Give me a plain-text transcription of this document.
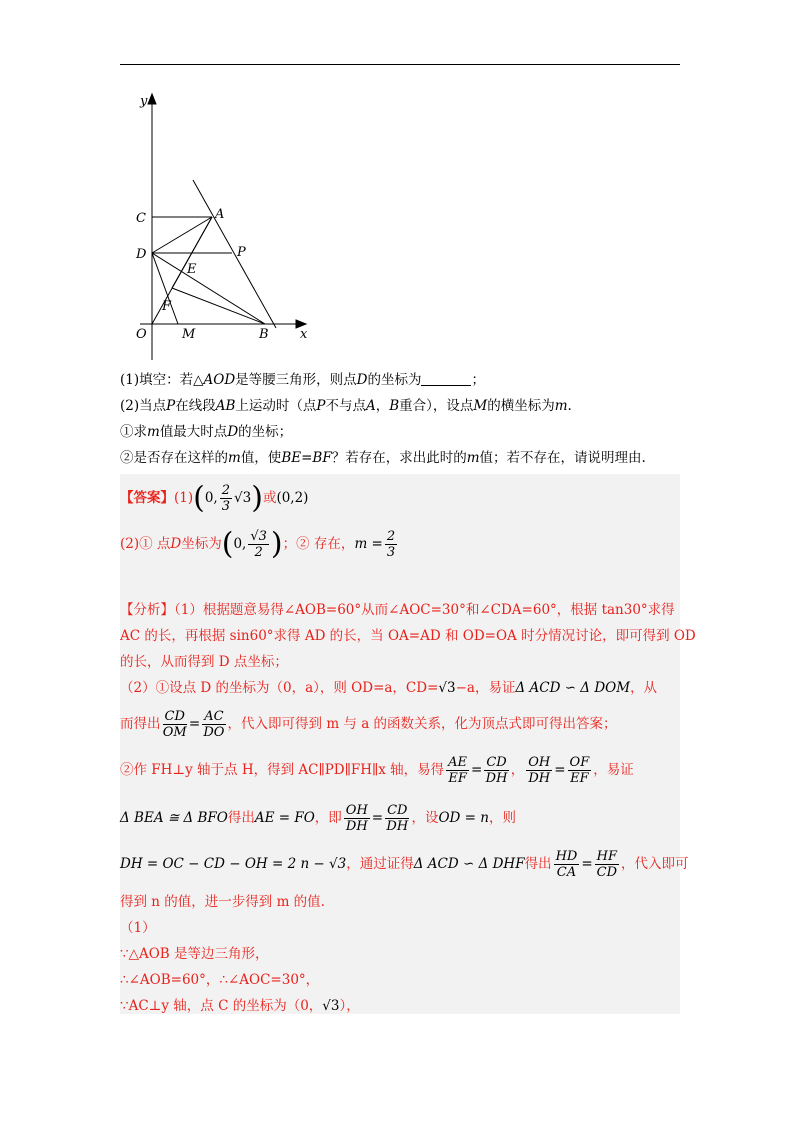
y
x
O	M	B
C	A
D	P
E
F
(1)填空：若△AOD是等腰三角形，则点D的坐标为	；
(2)当点P在线段AB上运动时（点P不与点A，B重合），设点M的横坐标为m.
①求m值最大时点D的坐标；
②是否存在这样的m值，使BE=BF？若存在，求出此时的m值；若不存在，请说明理由.
【答案】(1)(0, $\frac{2}{3} √3$)或(0,2)
(2)① 点D坐标为(0, $\frac{√3}{2}$ )；② 存在，$m = \frac{2}{3}$
【分析】（1）根据题意易得∠AOB=60°从而∠AOC=30°和∠CDA=60°，根据 tan30°求得
AC 的长，再根据 sin60°求得 AD 的长，当 OA=AD 和 OD=OA 时分情况讨论，即可得到 OD
的长，从而得到 D 点坐标；
（2）①设点 D 的坐标为（0，a），则 OD=a，CD=√3−a，易证Δ ACD ∽ Δ DOM，从
而得出 $\frac{CD}{OM} = \frac{AC}{DO}$ ，代入即可得到 m 与 a 的函数关系，化为顶点式即可得出答案；
②作 FH⊥y 轴于点 H，得到 AC∥PD∥FH∥x 轴，易得 $\frac{AE}{EF} = \frac{CD}{DH}$ ， $\frac{OH}{DH} = \frac{OF}{EF}$ ，易证
Δ BEA ≅ Δ BFO得出AE = FO，即 $\frac{OH}{DH} = \frac{CD}{DH}$ ，设OD = n，则
DH = OC − CD − OH = 2 n − √3，通过证得Δ ACD ∽ Δ DHF得出 $\frac{HD}{CA} = \frac{HF}{CD}$ ，代入即可
得到 n 的值，进一步得到 m 的值.
（1）
∵△AOB 是等边三角形，
∴∠AOB=60°，∴∠AOC=30°，
∵AC⊥y 轴，点 C 的坐标为（0，√3），
